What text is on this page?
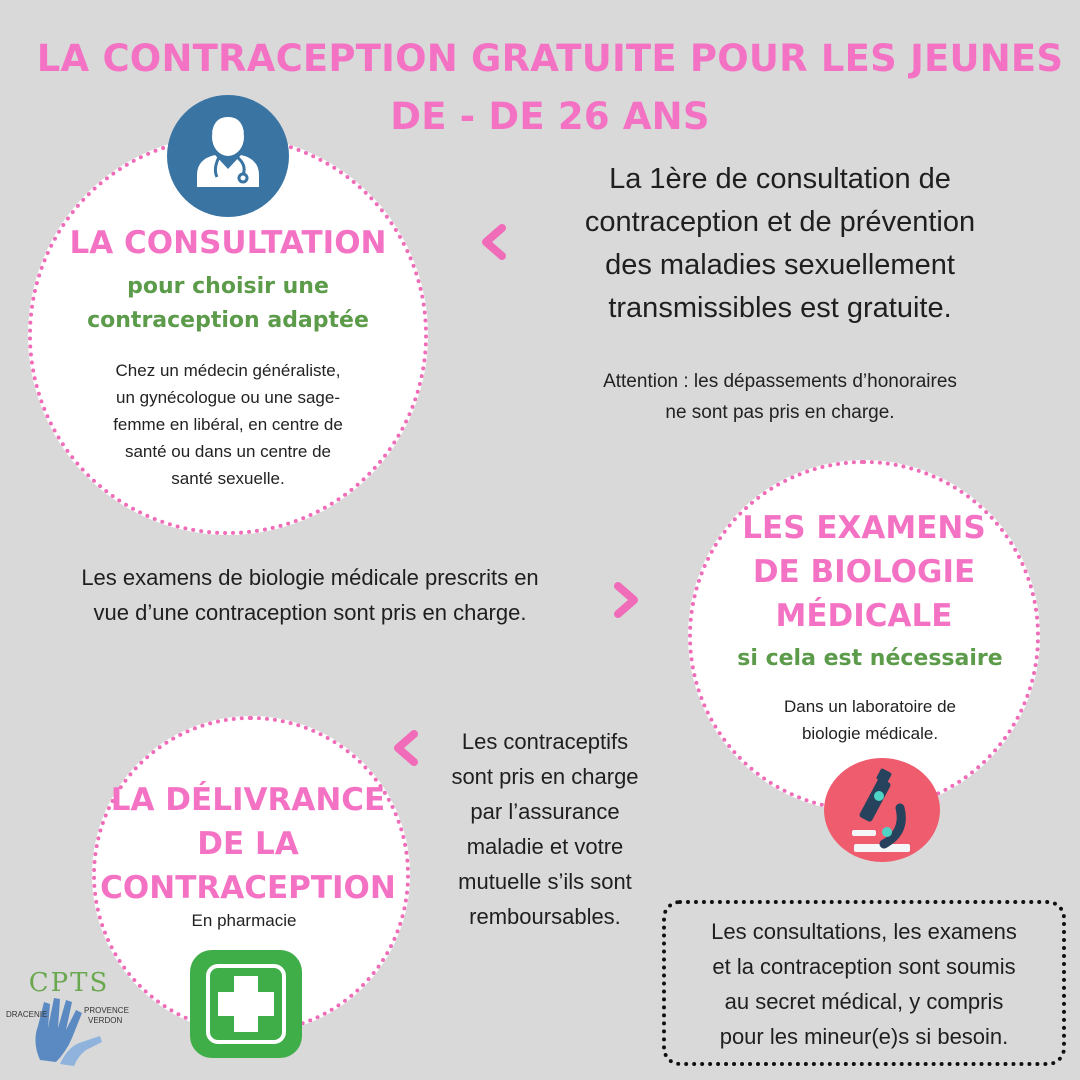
LA CONTRACEPTION GRATUITE POUR LES JEUNES
DE - DE 26 ANS
LA CONSULTATION
pour choisir une
contraception adaptée
Chez un médecin généraliste,
un gynécologue ou une sage-
femme en libéral, en centre de
santé ou dans un centre de
santé sexuelle.
La 1ère de consultation de
contraception et de prévention
des maladies sexuellement
transmissibles est gratuite.
Attention : les dépassements d’honoraires
ne sont pas pris en charge.
Les examens de biologie médicale prescrits en
vue d’une contraception sont pris en charge.
LES EXAMENS
DE BIOLOGIE
MÉDICALE
si cela est nécessaire
Dans un laboratoire de
biologie médicale.
Les contraceptifs
sont pris en charge
par l’assurance
maladie et votre
mutuelle s’ils sont
remboursables.
LA DÉLIVRANCE
DE LA
CONTRACEPTION
En pharmacie
CPTS
DRACENIE	PROVENCE
VERDON
Les consultations, les examens
et la contraception sont soumis
au secret médical, y compris
pour les mineur(e)s si besoin.
